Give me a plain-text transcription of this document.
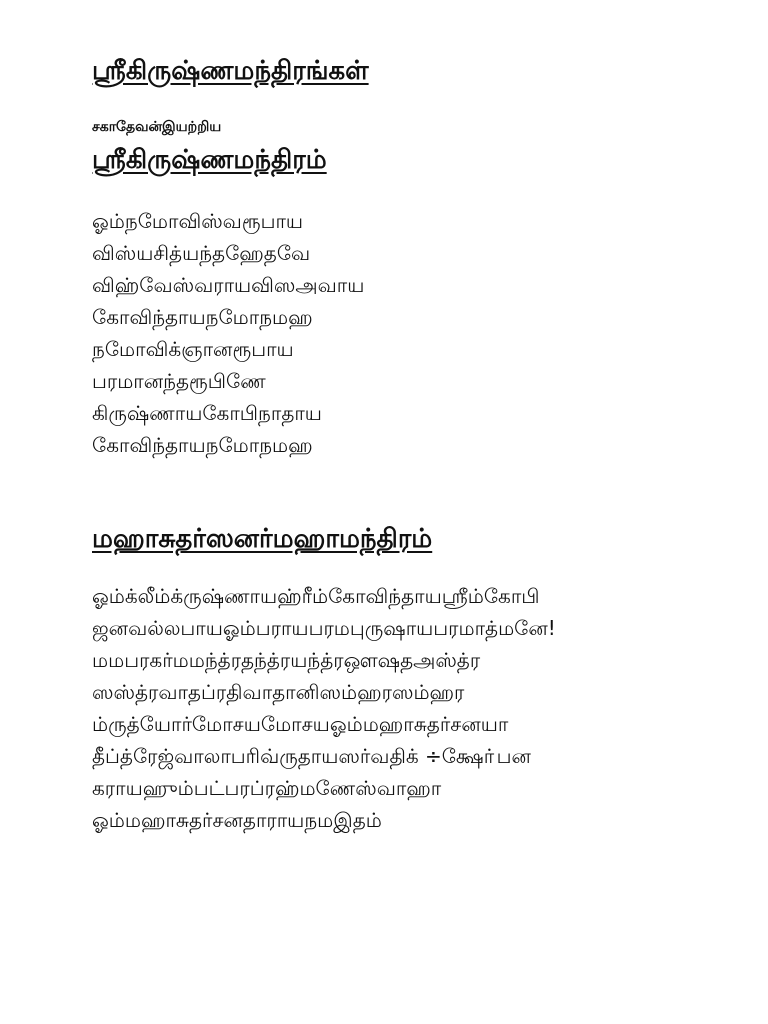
ஸ்ரீகிருஷ்ணமந்திரங்கள்

சகாதேவன்இயற்றிய

ஸ்ரீகிருஷ்ணமந்திரம்
ஓம்நமோவிஸ்வரூபாய
விஸ்யசித்யந்தஹேதவே
விஹ்வேஸ்வராயவிஸஅவாய
கோவிந்தாயநமோநமஹ
நமோவிக்ஞானரூபாய
பரமானந்தரூபிணே
கிருஷ்ணாயகோபிநாதாய
கோவிந்தாயநமோநமஹ
மஹாசுதர்ஸனர்மஹாமந்திரம்
ஓம்க்லீம்க்ருஷ்ணாயஹ்ரீம்கோவிந்தாயஸ்ரீம்கோபி
ஜனவல்லபாயஓம்பராயபரமபுருஷாயபரமாத்மனே!
மமபரகர்மமந்த்ரதந்த்ரயந்த்ரஔஷதஅஸ்த்ர
ஸஸ்த்ரவாதப்ரதிவாதானிஸம்ஹரஸம்ஹர
ம்ருத்யோர்மோசயமோசயஓம்மஹாசுதர்சனயா
தீப்த்ரேஜ்வாலாபரிவ்ருதாயஸர்வதிக் ÷க்ஷோ்பன
கராயஹும்பட்பரப்ரஹ்மணேஸ்வாஹா
ஓம்மஹாசுதர்சனதாராயநமஇதம்
